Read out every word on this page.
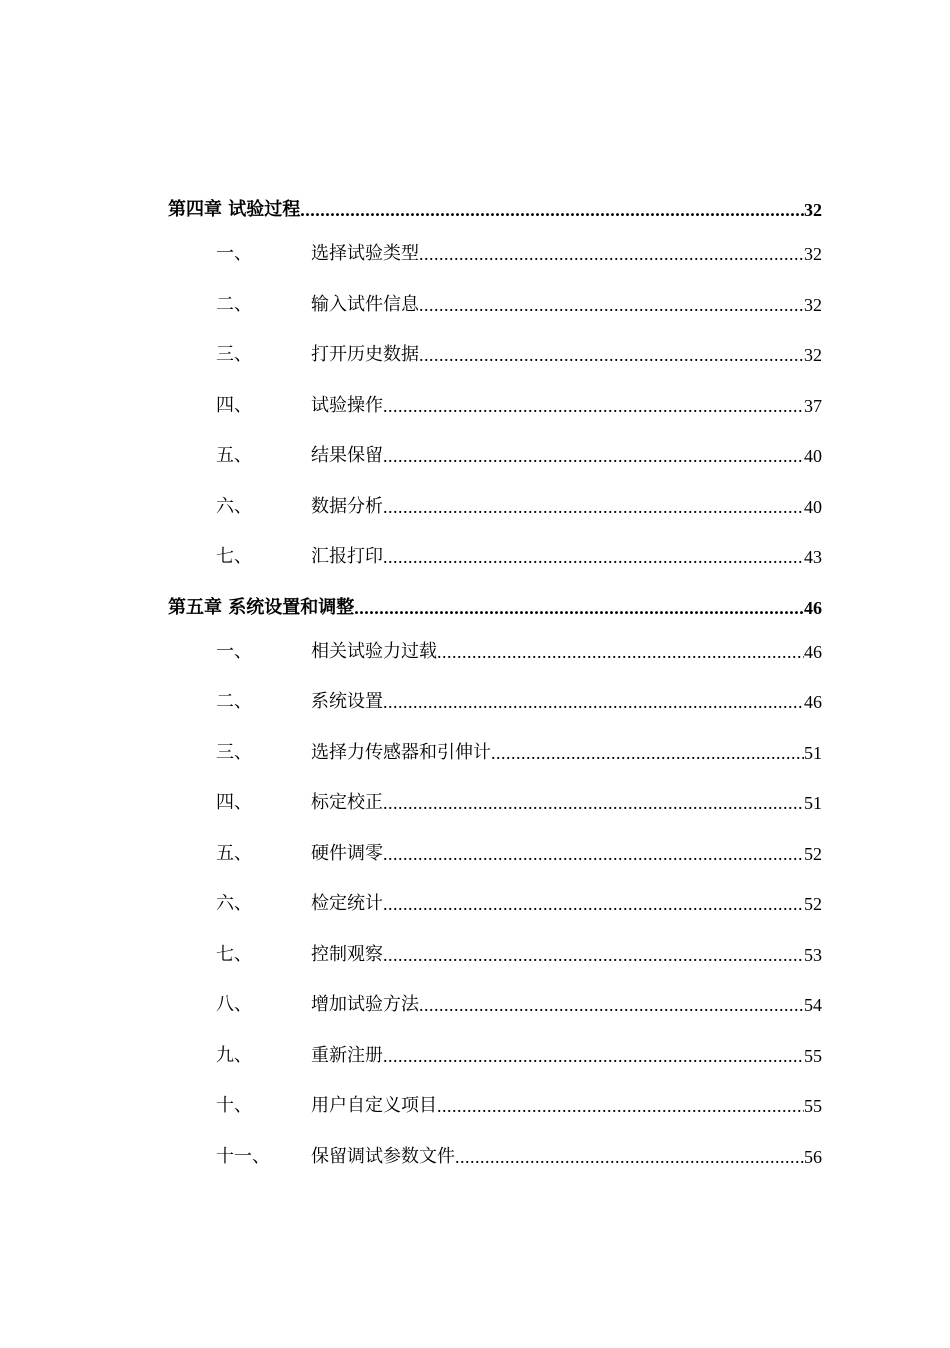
第四章 试验过程 .....	32
一、	选择试验类型 .....	32
二、	输入试件信息 .....	32
三、	打开历史数据 .....	32
四、	试验操作 .....	37
五、	结果保留 .....	40
六、	数据分析 .....	40
七、	汇报打印 .....	43
第五章 系统设置和调整 .....	46
一、	相关试验力过载 .....	46
二、	系统设置 .....	46
三、	选择力传感器和引伸计 .....	51
四、	标定校正 .....	51
五、	硬件调零 .....	52
六、	检定统计 .....	52
七、	控制观察 .....	53
八、	增加试验方法 .....	54
九、	重新注册 .....	55
十、	用户自定义项目 .....	55
十一、	保留调试参数文件 .....	56
